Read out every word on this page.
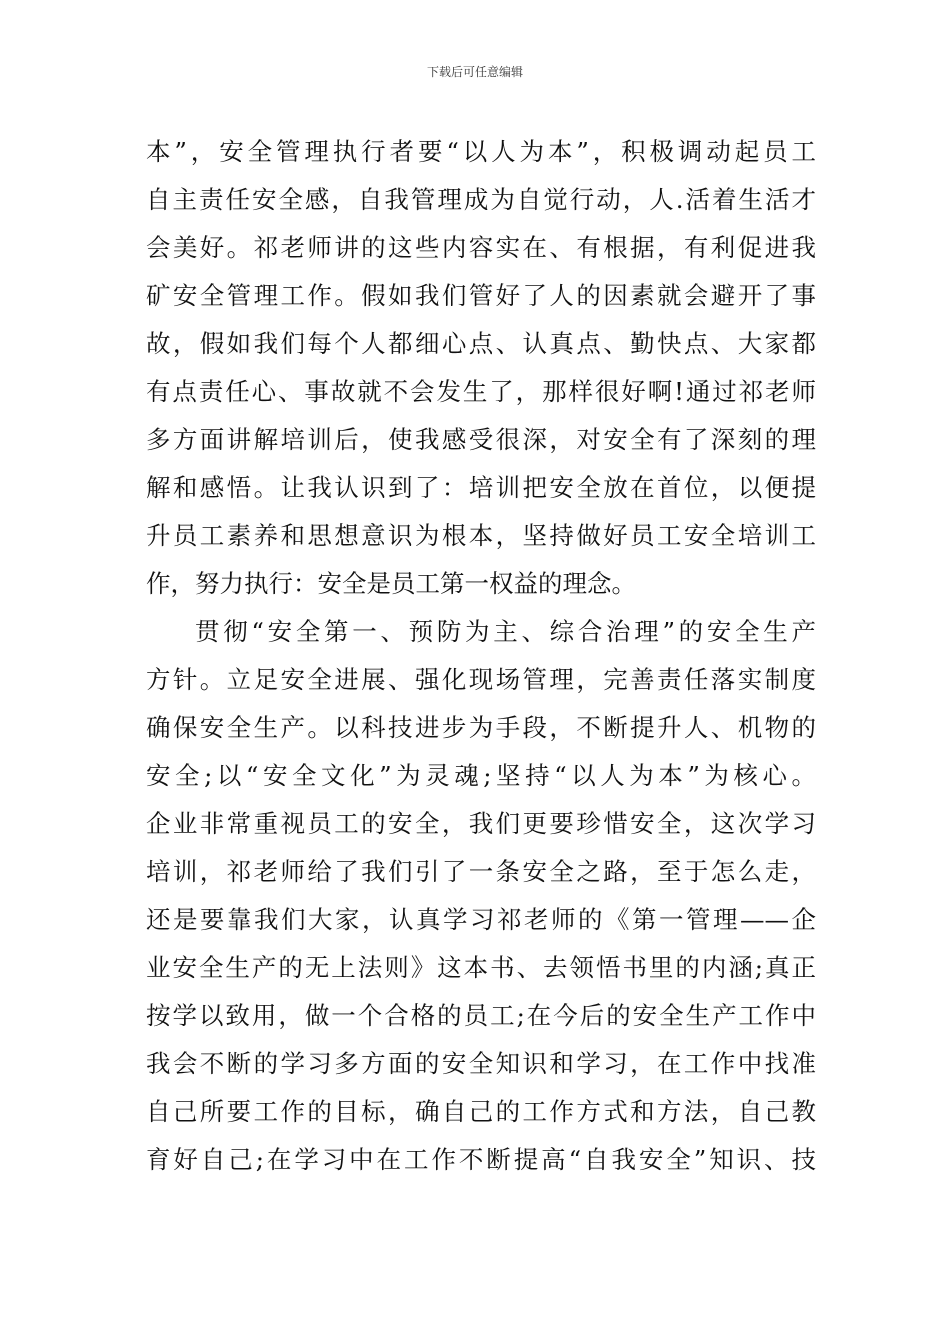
下载后可任意编辑
本”，安全管理执行者要“以人为本”，积极调动起员工
自主责任安全感，自我管理成为自觉行动，人.活着生活才
会美好。祁老师讲的这些内容实在、有根据，有利促进我
矿安全管理工作。假如我们管好了人的因素就会避开了事
故，假如我们每个人都细心点、认真点、勤快点、大家都
有点责任心、事故就不会发生了，那样很好啊!通过祁老师
多方面讲解培训后，使我感受很深，对安全有了深刻的理
解和感悟。让我认识到了：培训把安全放在首位，以便提
升员工素养和思想意识为根本，坚持做好员工安全培训工
作，努力执行：安全是员工第一权益的理念。
贯彻“安全第一、预防为主、综合治理”的安全生产
方针。立足安全进展、强化现场管理，完善责任落实制度
确保安全生产。以科技进步为手段，不断提升人、机物的
安全;以“安全文化”为灵魂;坚持“以人为本”为核心。
企业非常重视员工的安全，我们更要珍惜安全，这次学习
培训，祁老师给了我们引了一条安全之路，至于怎么走，
还是要靠我们大家，认真学习祁老师的《第一管理——企
业安全生产的无上法则》这本书、去领悟书里的内涵;真正
按学以致用，做一个合格的员工;在今后的安全生产工作中
我会不断的学习多方面的安全知识和学习，在工作中找准
自己所要工作的目标，确自己的工作方式和方法，自己教
育好自己;在学习中在工作不断提高“自我安全”知识、技
